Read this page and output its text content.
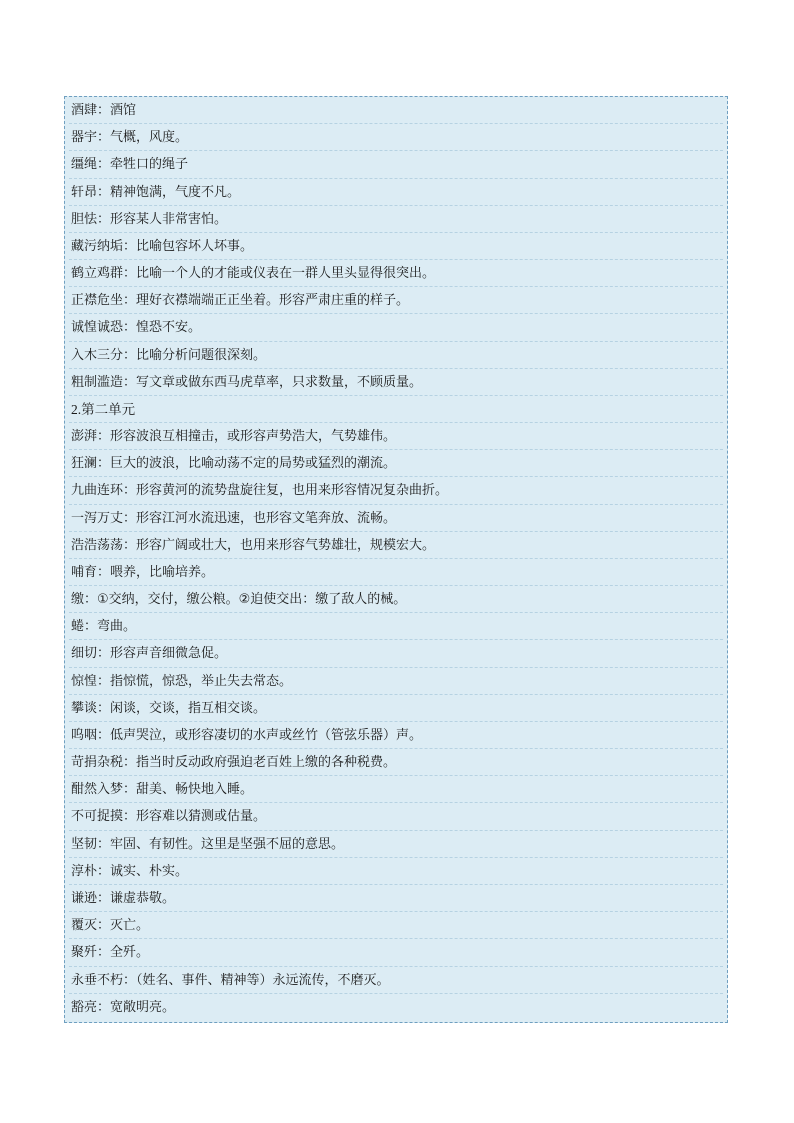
酒肆：酒馆
器宇：气概，风度。
缰绳：牵牲口的绳子
轩昂：精神饱满，气度不凡。
胆怯：形容某人非常害怕。
藏污纳垢：比喻包容坏人坏事。
鹤立鸡群：比喻一个人的才能或仪表在一群人里头显得很突出。
正襟危坐：理好衣襟端端正正坐着。形容严肃庄重的样子。
诚惶诚恐：惶恐不安。
入木三分：比喻分析问题很深刻。
粗制滥造：写文章或做东西马虎草率，只求数量，不顾质量。
2.第二单元
澎湃：形容波浪互相撞击，或形容声势浩大，气势雄伟。
狂澜：巨大的波浪，比喻动荡不定的局势或猛烈的潮流。
九曲连环：形容黄河的流势盘旋往复，也用来形容情况复杂曲折。
一泻万丈：形容江河水流迅速，也形容文笔奔放、流畅。
浩浩荡荡：形容广阔或壮大，也用来形容气势雄壮，规模宏大。
哺育：喂养，比喻培养。
缴：①交纳，交付，缴公粮。②迫使交出：缴了敌人的械。
蜷：弯曲。
细切：形容声音细微急促。
惊惶：指惊慌，惊恐，举止失去常态。
攀谈：闲谈，交谈，指互相交谈。
呜咽：低声哭泣，或形容凄切的水声或丝竹（管弦乐器）声。
苛捐杂税：指当时反动政府强迫老百姓上缴的各种税费。
酣然入梦：甜美、畅快地入睡。
不可捉摸：形容难以猜测或估量。
坚韧：牢固、有韧性。这里是坚强不屈的意思。
淳朴：诚实、朴实。
谦逊：谦虚恭敬。
覆灭：灭亡。
聚歼：全歼。
永垂不朽：（姓名、事件、精神等）永远流传，不磨灭。
豁亮：宽敞明亮。
